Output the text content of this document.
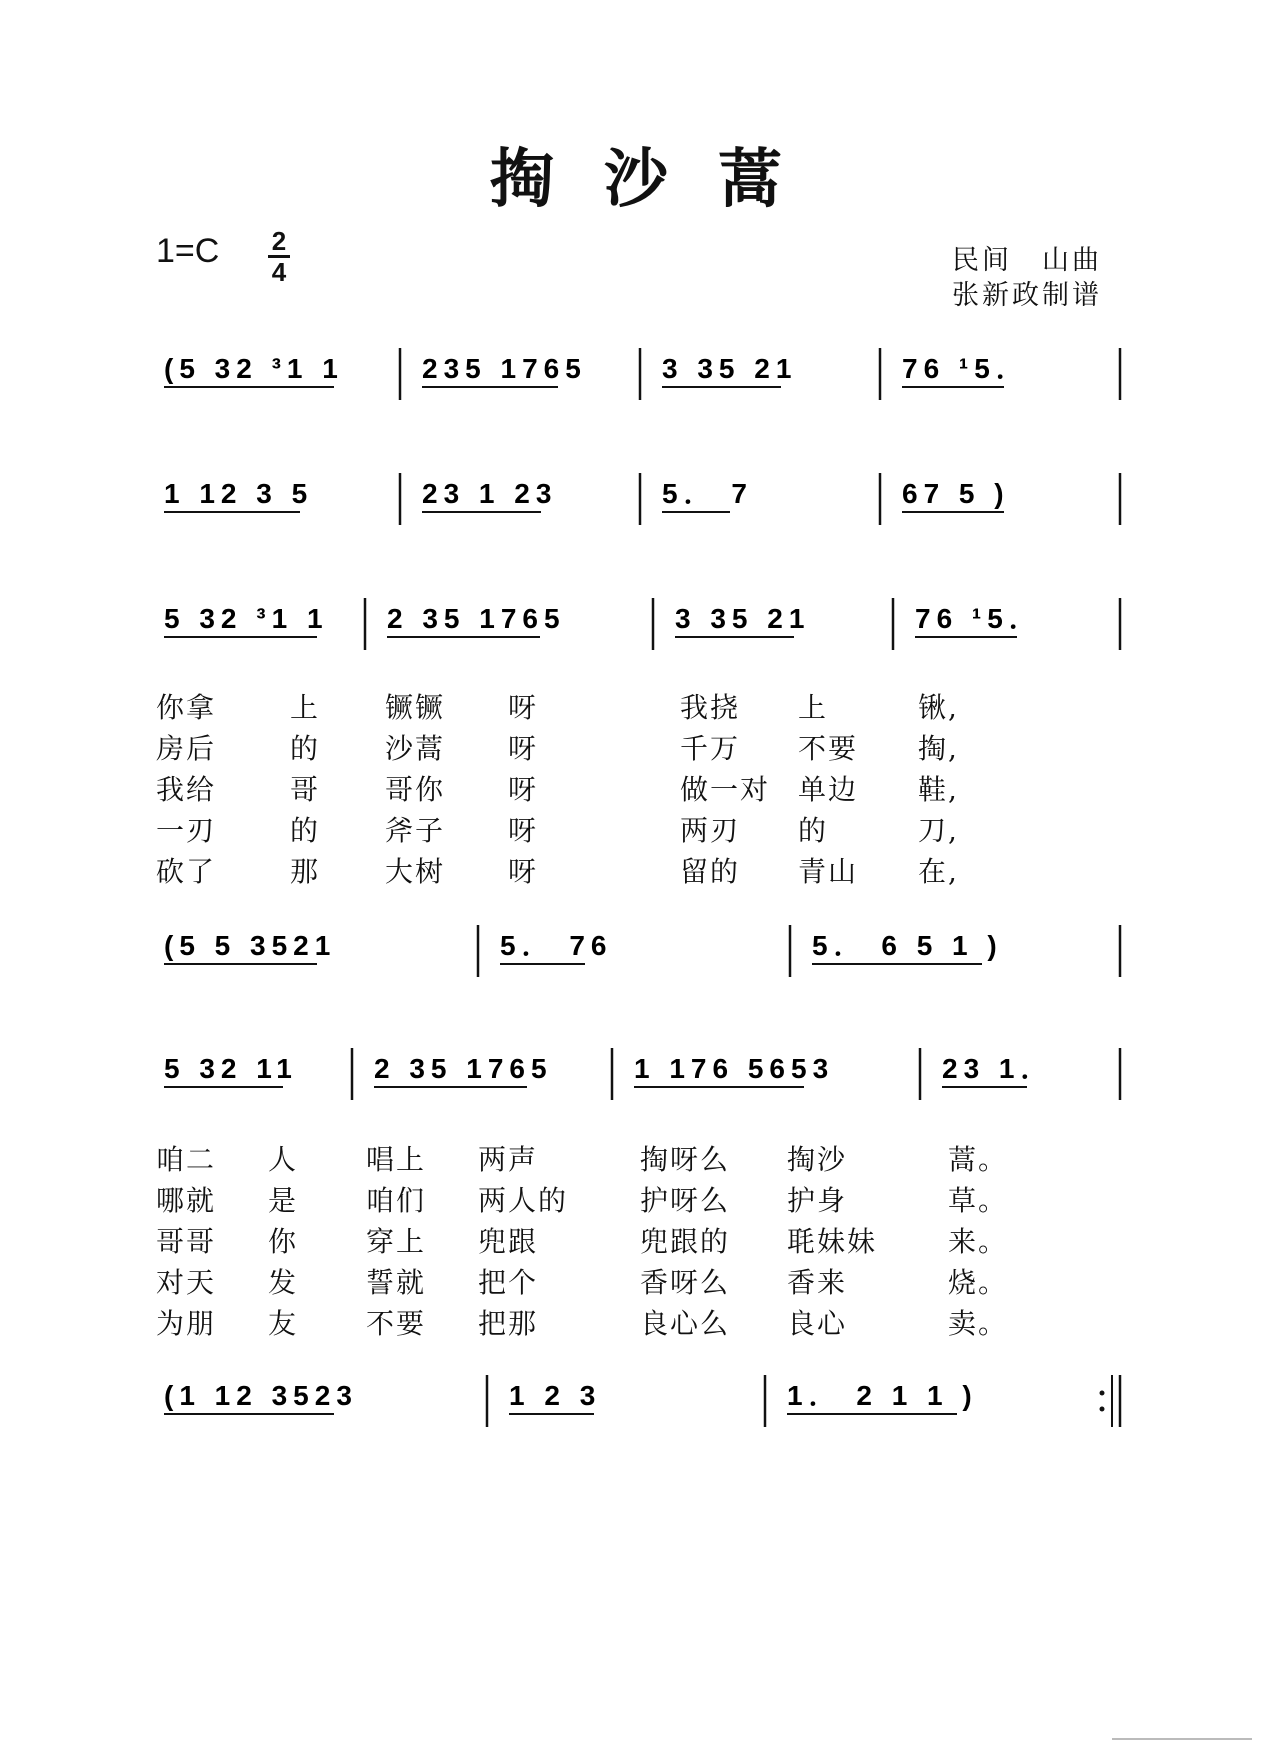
掏沙蒿
1=C 2
4	民间　山曲
张新政制谱
(5 32 ³1 1	235 1765	3 35 21	76 ¹5．
1 12 3 5	23 1 23	5． 7	67 5 )
5 32 ³1 1 2 35 1765	3 35 21	76 ¹5．
(5 5 3521	5． 76	5． 6 5 1 )
5 32 11	2 35 1765	1 176 5653	23 1．
(1 12 3523	1 2 3	1． 2 1 1 )
你拿	上 镢镢 呀	我挠 上	锹,
房后	的 沙蒿 呀	千万 不要 掏,
我给	哥 哥你 呀	做一对 单边 鞋,
一刃	的 斧子 呀	两刃 的	刀,
砍了	那 大树 呀	留的 青山 在,
咱二 人 唱上 两声	掏呀么 掏沙	蒿。
哪就 是 咱们 两人的	护呀么 护身	草。
哥哥 你 穿上 兜跟	兜跟的 毦妹妹	来。
对天 发 誓就 把个	香呀么 香来	烧。
为朋 友 不要 把那	良心么 良心	卖。
